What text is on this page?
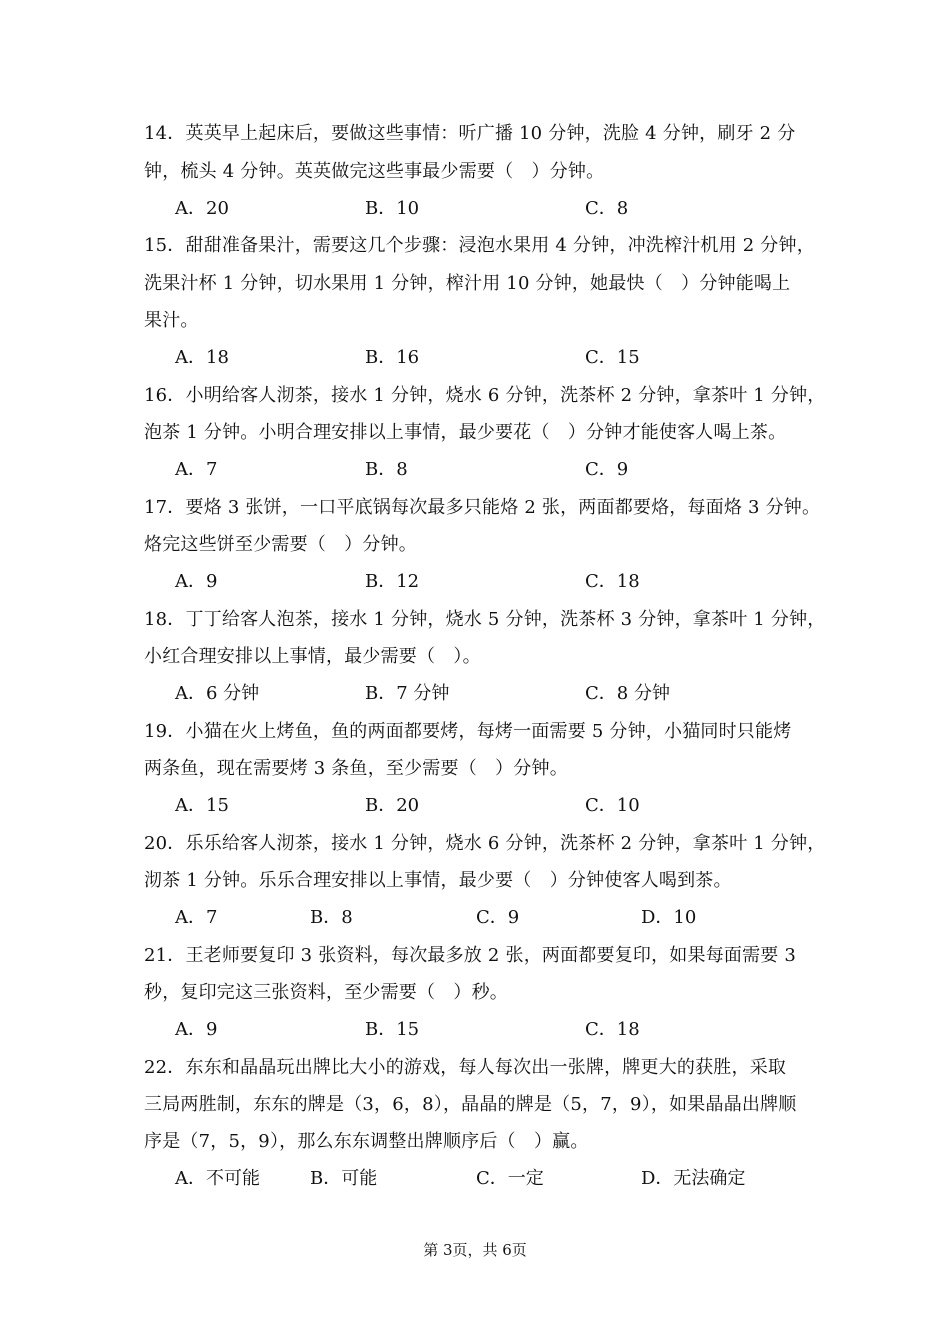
14．英英早上起床后，要做这些事情：听广播 10 分钟，洗脸 4 分钟，刷牙 2 分
钟，梳头 4 分钟。英英做完这些事最少需要（　）分钟。
A．20	B．10	C．8
15．甜甜准备果汁，需要这几个步骤：浸泡水果用 4 分钟，冲洗榨汁机用 2 分钟，
洗果汁杯 1 分钟，切水果用 1 分钟，榨汁用 10 分钟，她最快（　）分钟能喝上
果汁。
A．18	B．16	C．15
16．小明给客人沏茶，接水 1 分钟，烧水 6 分钟，洗茶杯 2 分钟，拿茶叶 1 分钟，
泡茶 1 分钟。小明合理安排以上事情，最少要花（　）分钟才能使客人喝上茶。
A．7	B．8	C．9
17．要烙 3 张饼，一口平底锅每次最多只能烙 2 张，两面都要烙，每面烙 3 分钟。
烙完这些饼至少需要（　）分钟。
A．9	B．12	C．18
18．丁丁给客人泡茶，接水 1 分钟，烧水 5 分钟，洗茶杯 3 分钟，拿茶叶 1 分钟，
小红合理安排以上事情，最少需要（　）。
A．6 分钟	B．7 分钟	C．8 分钟
19．小猫在火上烤鱼，鱼的两面都要烤，每烤一面需要 5 分钟，小猫同时只能烤
两条鱼，现在需要烤 3 条鱼，至少需要（　）分钟。
A．15	B．20	C．10
20．乐乐给客人沏茶，接水 1 分钟，烧水 6 分钟，洗茶杯 2 分钟，拿茶叶 1 分钟，
沏茶 1 分钟。乐乐合理安排以上事情，最少要（　）分钟使客人喝到茶。
A．7	B．8	C．9	D．10
21．王老师要复印 3 张资料，每次最多放 2 张，两面都要复印，如果每面需要 3
秒，复印完这三张资料，至少需要（　）秒。
A．9	B．15	C．18
22．东东和晶晶玩出牌比大小的游戏，每人每次出一张牌，牌更大的获胜，采取
三局两胜制，东东的牌是（3，6，8），晶晶的牌是（5，7，9），如果晶晶出牌顺
序是（7，5，9），那么东东调整出牌顺序后（　）赢。
A．不可能	B．可能	C．一定	D．无法确定
第 3页，共 6页
